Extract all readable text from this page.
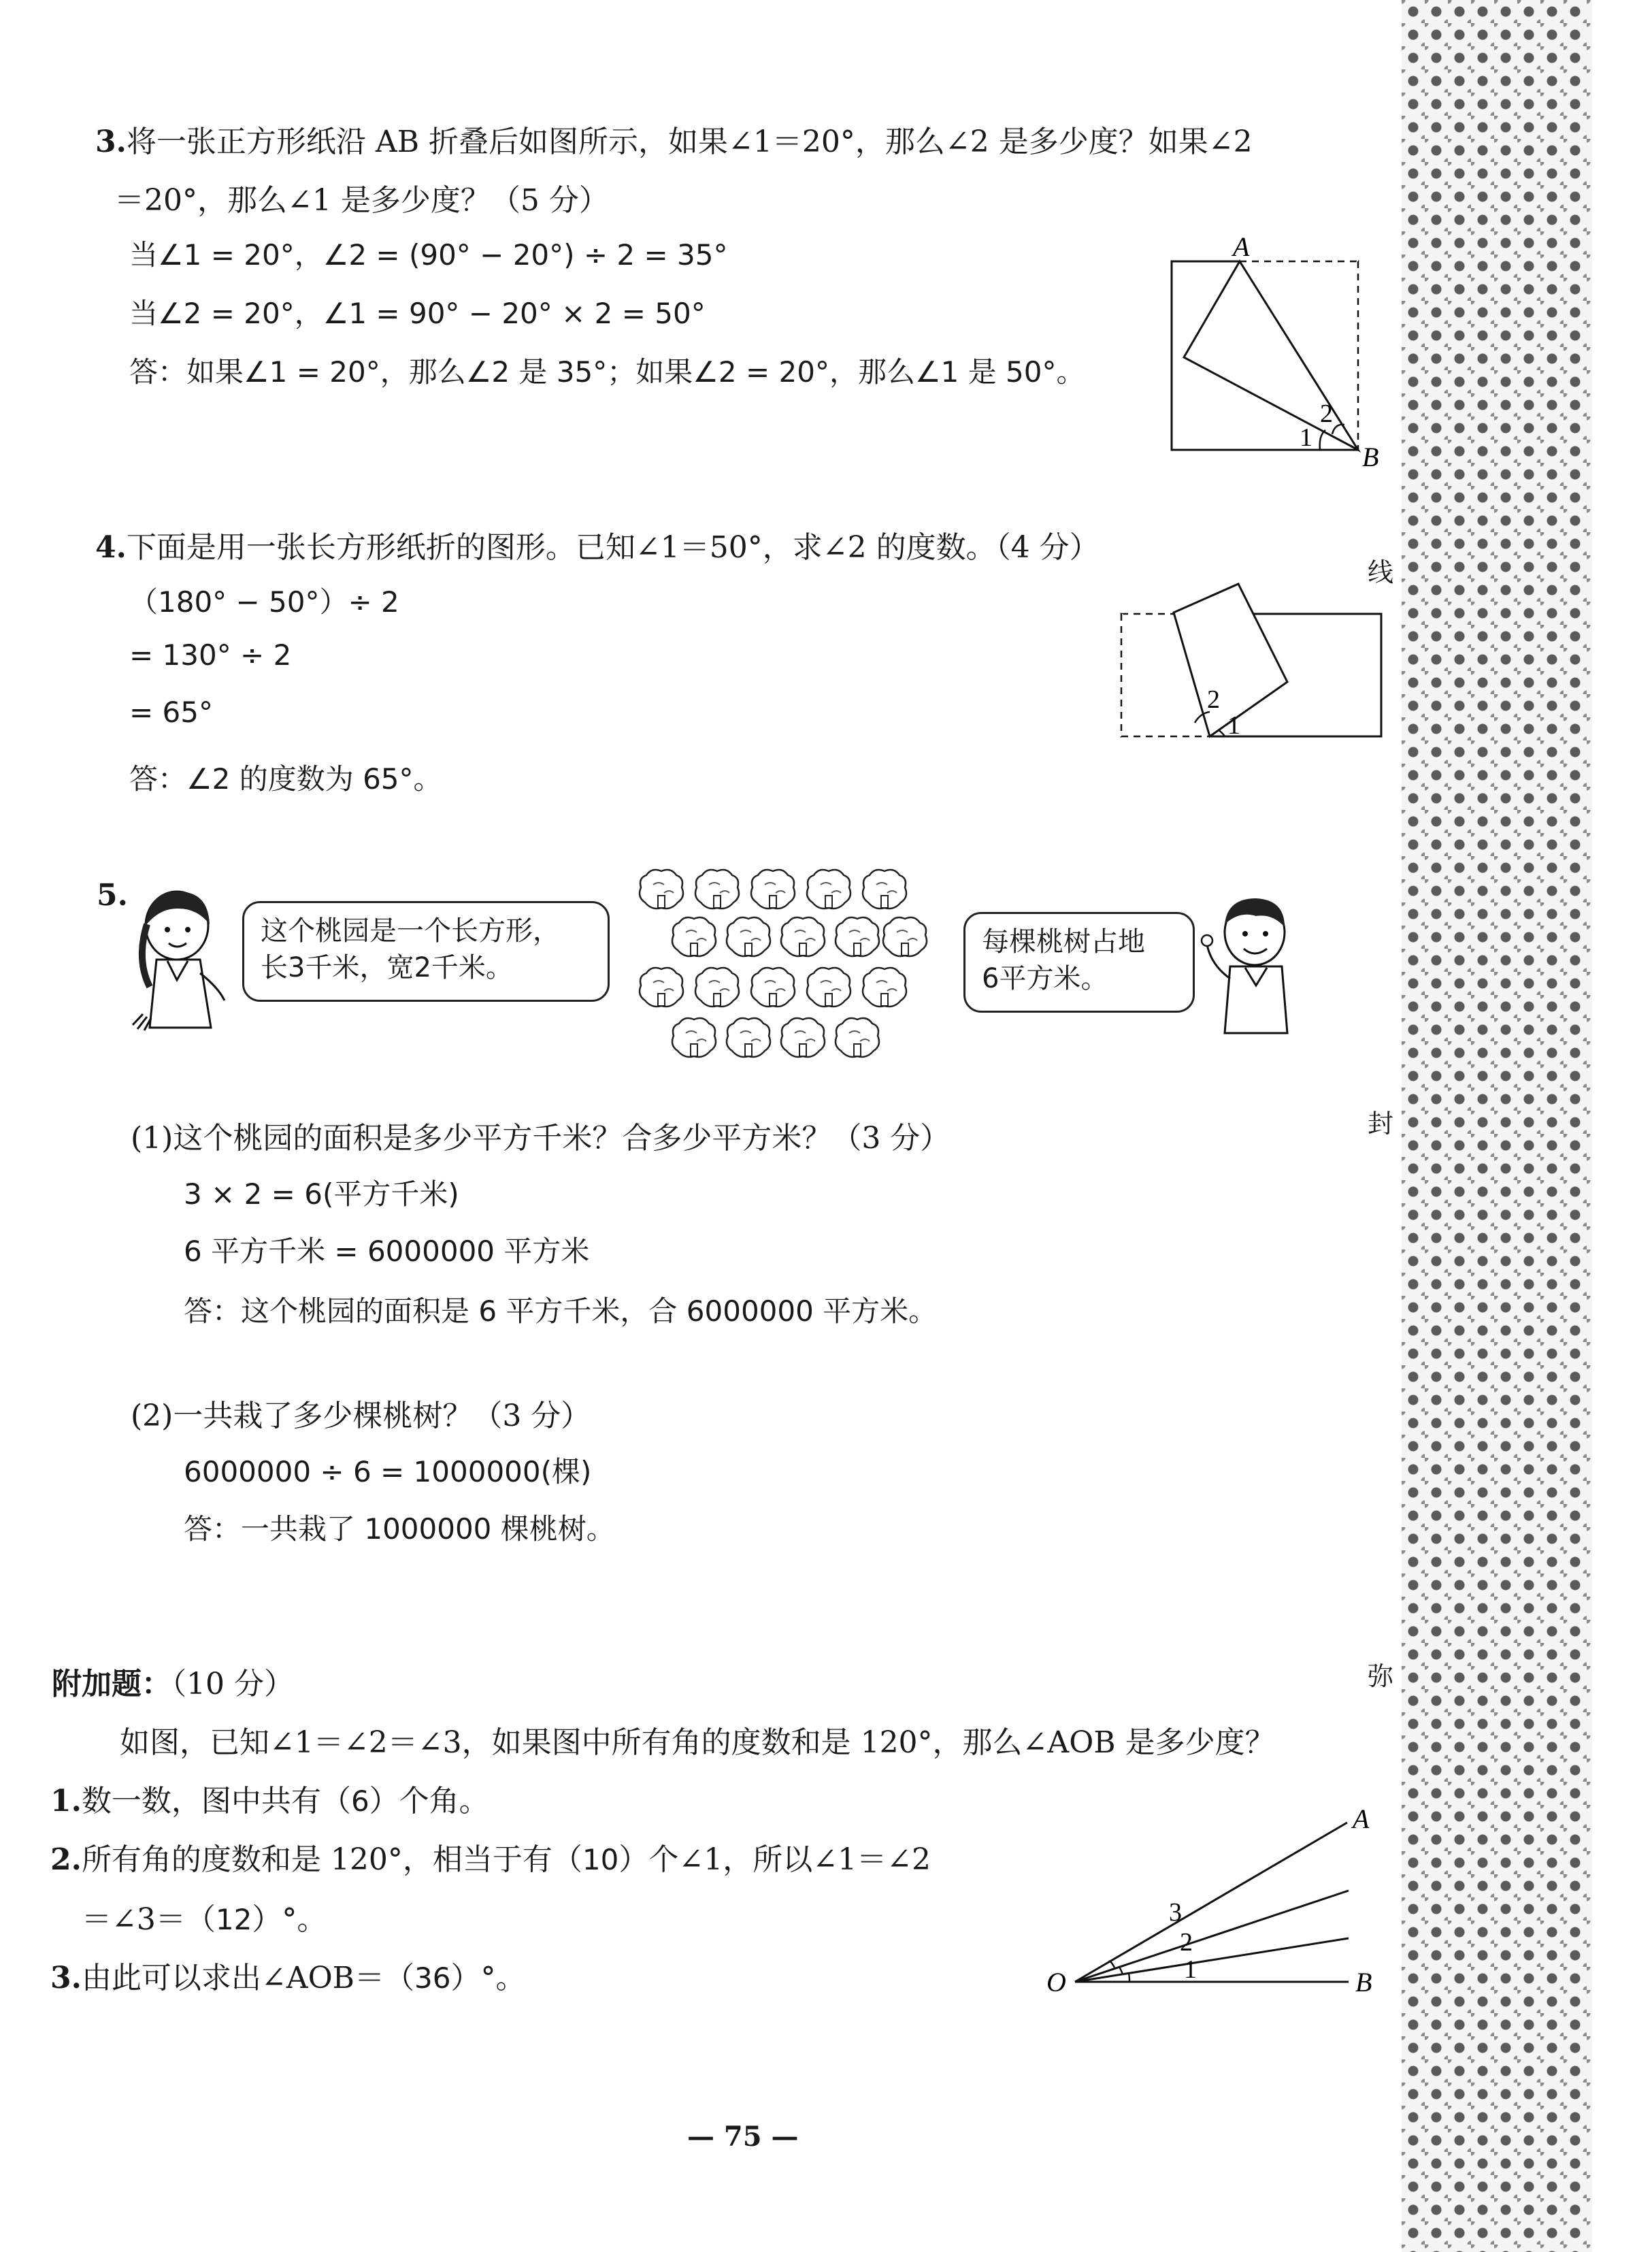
3.将一张正方形纸沿 AB 折叠后如图所示，如果∠1＝20°，那么∠2 是多少度？如果∠2
＝20°，那么∠1 是多少度？（5 分）
当∠1 = 20°，∠2 = (90° − 20°) ÷ 2 = 35°
当∠2 = 20°，∠1 = 90° − 20° × 2 = 50°
答：如果∠1 = 20°，那么∠2 是 35°；如果∠2 = 20°，那么∠1 是 50°。
A
B
1
2
4.下面是用一张长方形纸折的图形。已知∠1＝50°，求∠2 的度数。（4 分）
（180° − 50°）÷ 2
= 130° ÷ 2
= 65°
答：∠2 的度数为 65°。
2
1
5.
这个桃园是一个长方形，
长3千米，宽2千米。
每棵桃树占地
6平方米。
(1)这个桃园的面积是多少平方千米？合多少平方米？（3 分）
3 × 2 = 6(平方千米)
6 平方千米 = 6000000 平方米
答：这个桃园的面积是 6 平方千米，合 6000000 平方米。
(2)一共栽了多少棵桃树？（3 分）
6000000 ÷ 6 = 1000000(棵)
答：一共栽了 1000000 棵桃树。
附加题：（10 分）
如图，已知∠1＝∠2＝∠3，如果图中所有角的度数和是 120°，那么∠AOB 是多少度？
1.数一数，图中共有（6）个角。
2.所有角的度数和是 120°，相当于有（10）个∠1，所以∠1＝∠2
＝∠3＝（12）°。
3.由此可以求出∠AOB＝（36）°。	O
A
B
1
2
3
— 75 —
线
封
弥
